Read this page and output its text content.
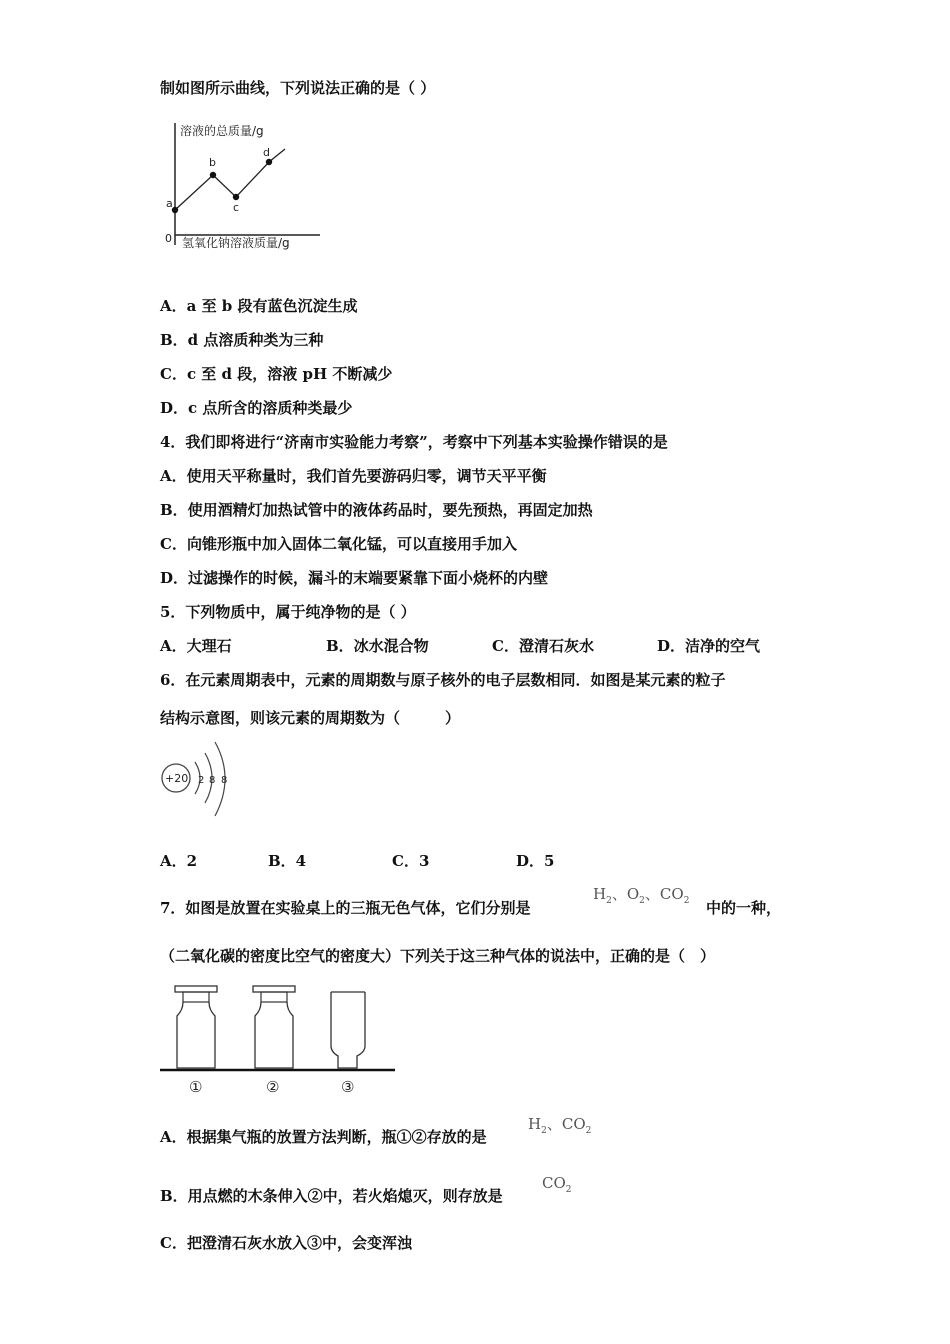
制如图所示曲线，下列说法正确的是（ ）
溶液的总质量/g
氢氧化钠溶液质量/g
0
a
b
c
d
A．a 至 b 段有蓝色沉淀生成
B．d 点溶质种类为三种
C．c 至 d 段，溶液 pH 不断减少
D．c 点所含的溶质种类最少
4．我们即将进行“济南市实验能力考察”，考察中下列基本实验操作错误的是
A．使用天平称量时，我们首先要游码归零，调节天平平衡
B．使用酒精灯加热试管中的液体药品时，要先预热，再固定加热
C．向锥形瓶中加入固体二氧化锰，可以直接用手加入
D．过滤操作的时候，漏斗的末端要紧靠下面小烧杯的内壁
5．下列物质中，属于纯净物的是（ ）
A．大理石	B．冰水混合物	C．澄清石灰水	D．洁净的空气
6．在元素周期表中，元素的周期数与原子核外的电子层数相同．如图是某元素的粒子
结构示意图，则该元素的周期数为（　　　）
+20 2 8 8
A．2	B．4	C．3	D．5
7．如图是放置在实验桌上的三瓶无色气体，它们分别是
$H_2$、$O_2$、$CO_2$ 中的一种，
（二氧化碳的密度比空气的密度大）下列关于这三种气体的说法中，正确的是（　）
①	②	③
A．根据集气瓶的放置方法判断，瓶①②存放的是
$H_2$、$CO_2$
B．用点燃的木条伸入②中，若火焰熄灭，则存放是
$CO_2$
C．把澄清石灰水放入③中，会变浑浊
